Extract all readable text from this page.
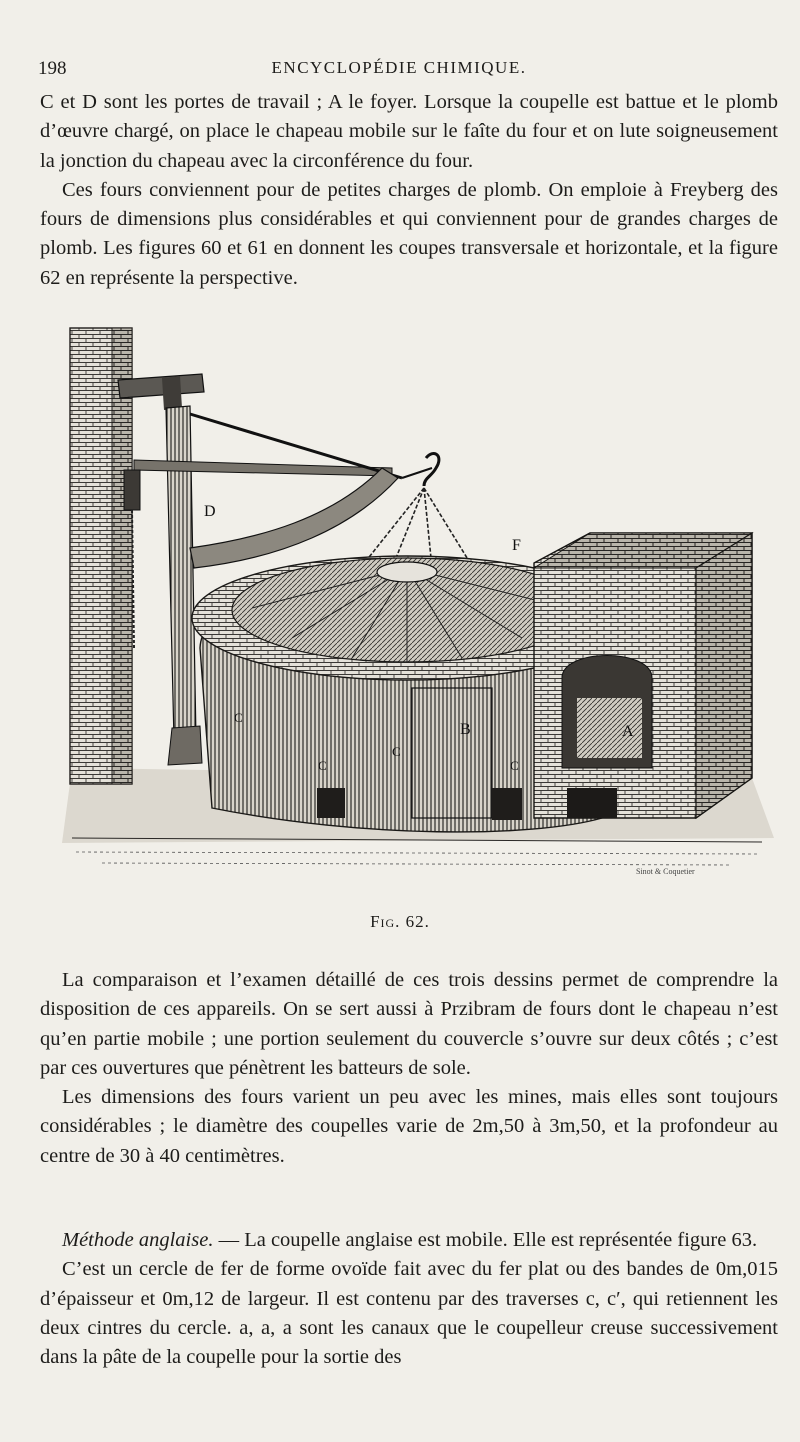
198	ENCYCLOPÉDIE CHIMIQUE.

C et D sont les portes de travail ; A le foyer. Lorsque la coupelle est battue et le plomb d’œuvre chargé, on place le chapeau mobile sur le faîte du four et on lute soigneusement la jonction du chapeau avec la circonférence du four.

Ces fours conviennent pour de petites charges de plomb. On emploie à Freyberg des fours de dimensions plus considérables et qui conviennent pour de grandes charges de plomb. Les figures 60 et 61 en donnent les coupes transversale et horizontale, et la figure 62 en représente la perspective.

D
F
B	A
C
C
C
C
Sinot & Coquetier
Fig. 62.

La comparaison et l’examen détaillé de ces trois dessins permet de comprendre la disposition de ces appareils. On se sert aussi à Przibram de fours dont le chapeau n’est qu’en partie mobile ; une portion seulement du couvercle s’ouvre sur deux côtés ; c’est par ces ouvertures que pénètrent les batteurs de sole.

Les dimensions des fours varient un peu avec les mines, mais elles sont toujours considérables ; le diamètre des coupelles varie de 2m,50 à 3m,50, et la profondeur au centre de 30 à 40 centimètres.

Méthode anglaise. — La coupelle anglaise est mobile. Elle est représentée figure 63.

C’est un cercle de fer de forme ovoïde fait avec du fer plat ou des bandes de 0m,015 d’épaisseur et 0m,12 de largeur. Il est contenu par des traverses c, c′, qui retiennent les deux cintres du cercle. a, a, a sont les canaux que le coupelleur creuse successivement dans la pâte de la coupelle pour la sortie des
